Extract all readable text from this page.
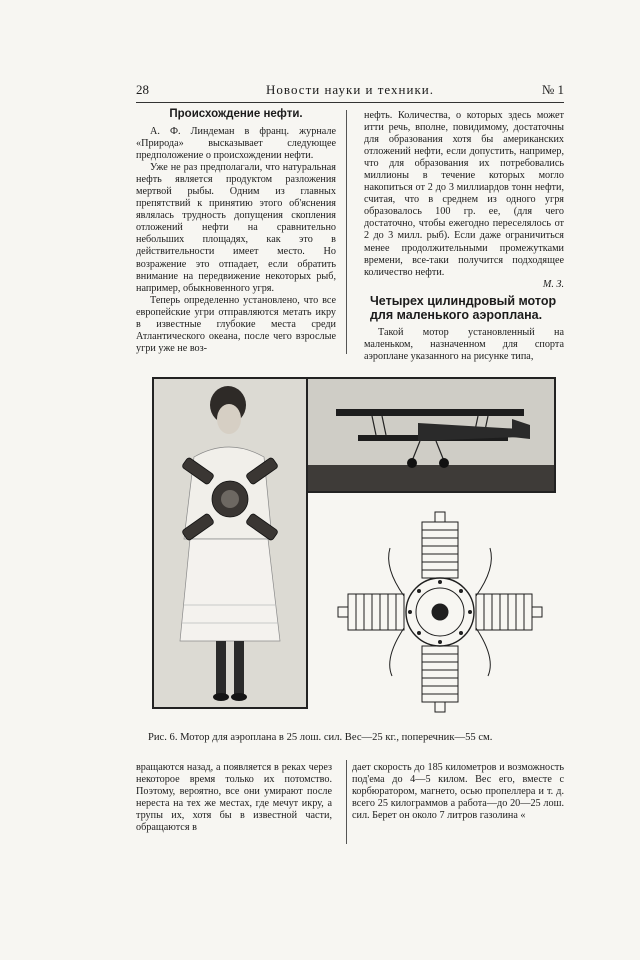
28	Новости науки и техники.	№ 1
Происхождение нефти.

А. Ф. Линдеман в франц. журнале «Природа» высказывает следующее предположение о происхождении нефти.

Уже не раз предполагали, что натуральная нефть является продуктом разложения мертвой рыбы. Одним из главных препятствий к принятию этого об'яснения являлась трудность допущения скопления отложений нефти на сравнительно небольших площадях, как это в действительности имеет место. Но возражение это отпадает, если обратить внимание на передвижение некоторых рыб, например, обыкновенного угря.

Теперь определенно установлено, что все европейские угри отправляются метать икру в известные глубокие места среди Атлантического океана, после чего взрослые угри уже не воз-

нефть. Количества, о которых здесь может итти речь, вполне, повидимому, достаточны для образования хотя бы американских отложений нефти, если допустить, например, что для образования их потребовались миллионы в течение которых могло накопиться от 2 до 3 миллиардов тонн нефти, считая, что в среднем из одного угря образовалось 100 гр. ее, (для чего достаточно, чтобы ежегодно переселялось от 2 до 3 милл. рыб). Если даже ограничиться менее продолжительными промежутками времени, все-таки получится подходящее количество нефти.

М. З.

Четырех цилиндровый мотор для маленького аэроплана.

Такой мотор установленный на маленьком, назначенном для спорта аэроплане указанного на рисунке типа,

Рис. 6. Мотор для аэроплана в 25 лош. сил. Вес—25 кг., поперечник—55 см.

вращаются назад, а появляется в реках через некоторое время только их потомство. Поэтому, вероятно, все они умирают после нереста на тех же местах, где мечут икру, а трупы их, хотя бы в известной части, обращаются в

дает скорость до 185 километров и возможность под'ема до 4—5 килом. Вес его, вместе с корбюратором, магнето, осью пропеллера и т. д. всего 25 килограммов а работа—до 20—25 лош. сил. Берет он около 7 литров газолина «
